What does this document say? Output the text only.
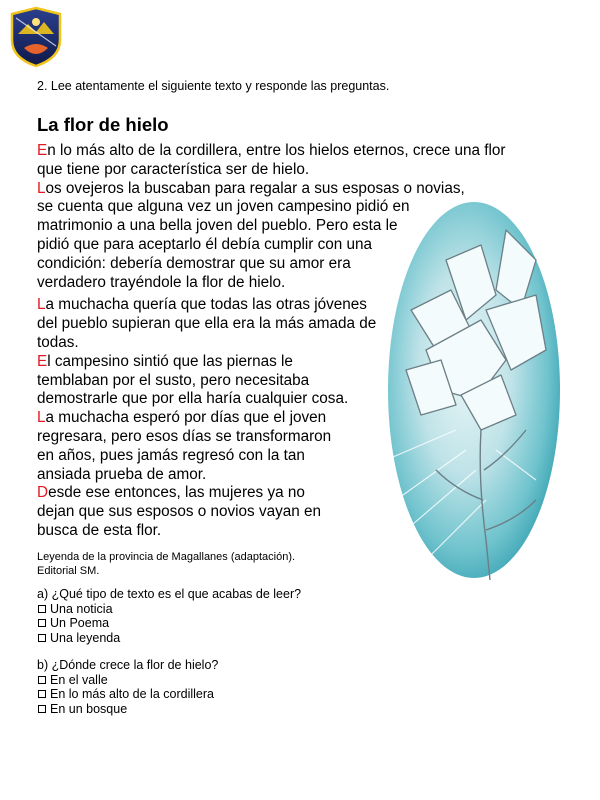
2. Lee atentamente el siguiente texto y responde las preguntas.
La flor de hielo

En lo más alto de la cordillera, entre los hielos eternos, crece una flor
que tiene por característica ser de hielo.

Los ovejeros la buscaban para regalar a sus esposas o novias,
se cuenta que alguna vez un joven campesino pidió en
matrimonio a una bella joven del pueblo. Pero esta le
pidió que para aceptarlo él debía cumplir con una
condición: debería demostrar que su amor era
verdadero trayéndole la flor de hielo.

La muchacha quería que todas las otras jóvenes
del pueblo supieran que ella era la más amada de
todas.

El campesino sintió que las piernas le
temblaban por el susto, pero necesitaba
demostrarle que por ella haría cualquier cosa.

La muchacha esperó por días que el joven
regresara, pero esos días se transformaron
en años, pues jamás regresó con la tan
ansiada prueba de amor.

Desde ese entonces, las mujeres ya no
dejan que sus esposos o novios vayan en
busca de esta flor.

Leyenda de la provincia de Magallanes (adaptación).
Editorial SM.
a) ¿Qué tipo de texto es el que acabas de leer?
Una noticia
Un Poema
Una leyenda
b) ¿Dónde crece la flor de hielo?
En el valle
En lo más alto de la cordillera
En un bosque
